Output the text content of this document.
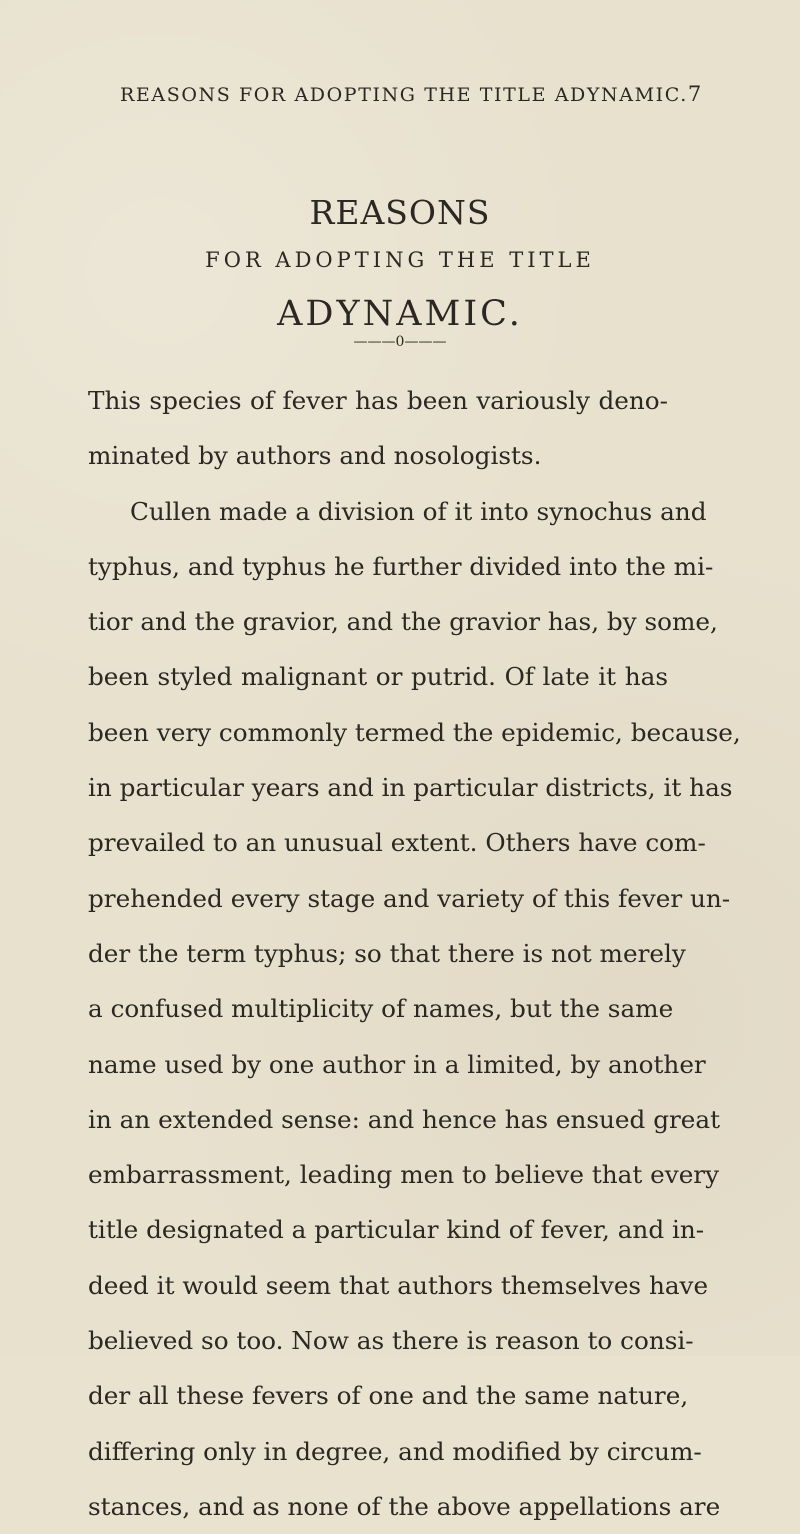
REASONS FOR ADOPTING THE TITLE ADYNAMIC. 7
REASONS
FOR ADOPTING THE TITLE
ADYNAMIC.
———0———
This species of fever has been variously deno-
minated by authors and nosologists.
Cullen made a division of it into synochus and
typhus, and typhus he further divided into the mi-
tior and the gravior, and the gravior has, by some,
been styled malignant or putrid. Of late it has
been very commonly termed the epidemic, because,
in particular years and in particular districts, it has
prevailed to an unusual extent. Others have com-
prehended every stage and variety of this fever un-
der the term typhus; so that there is not merely
a confused multiplicity of names, but the same
name used by one author in a limited, by another
in an extended sense: and hence has ensued great
embarrassment, leading men to believe that every
title designated a particular kind of fever, and in-
deed it would seem that authors themselves have
believed so too. Now as there is reason to consi-
der all these fevers of one and the same nature,
differing only in degree, and modified by circum-
stances, and as none of the above appellations are
